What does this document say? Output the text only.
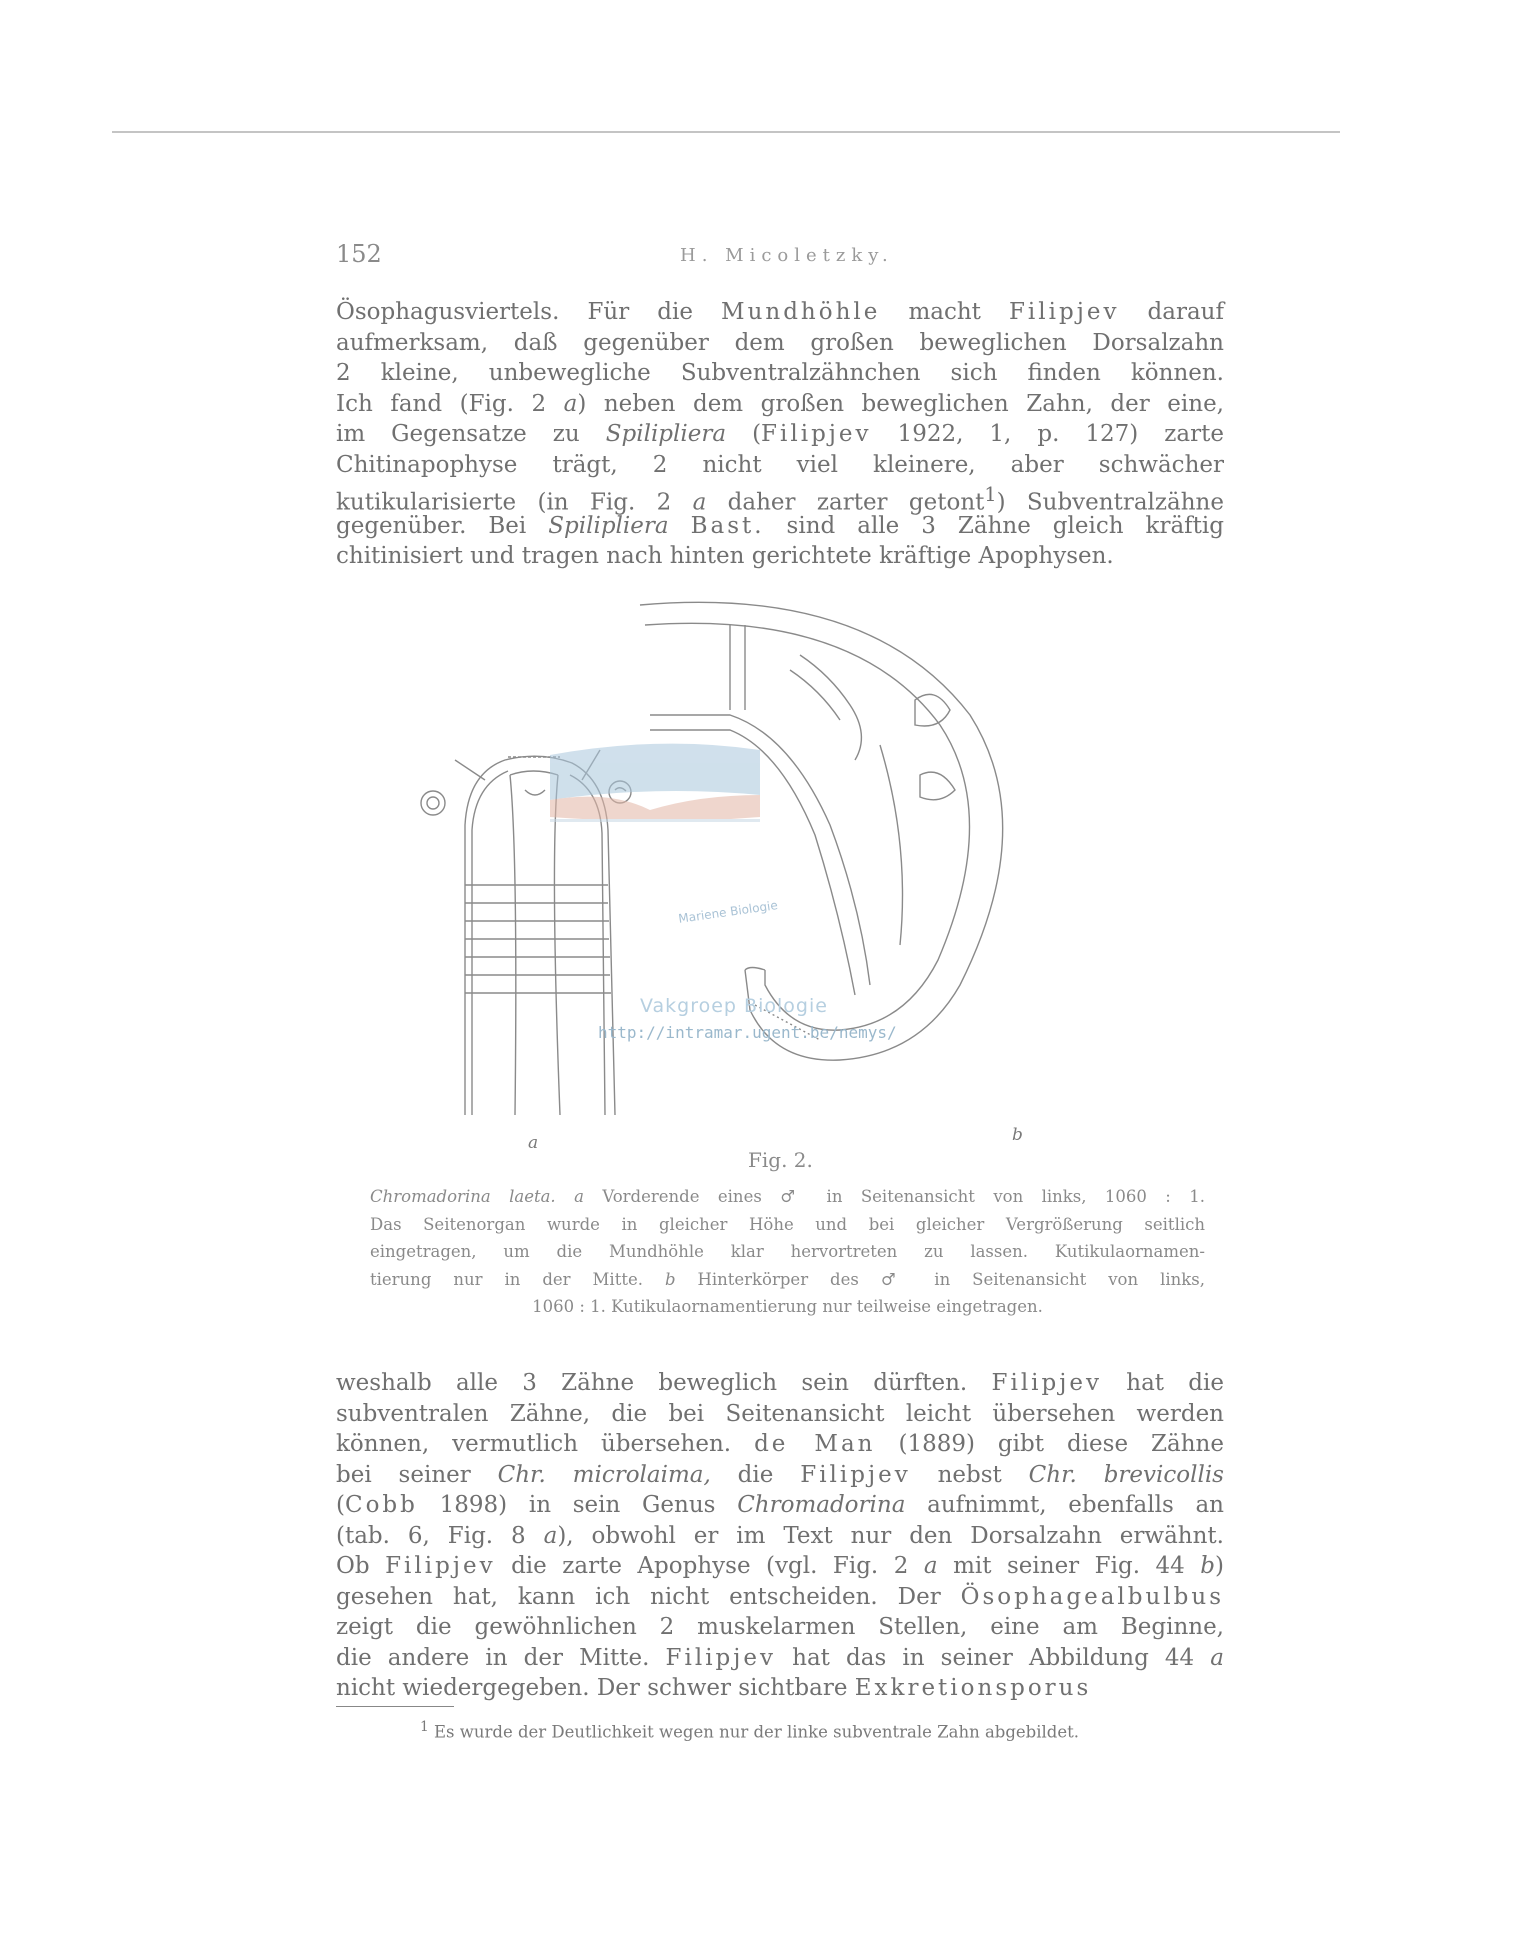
152	H. Micoletzky.
Ösophagusviertels. Für die Mundhöhle macht Filipjev darauf
aufmerksam, daß gegenüber dem großen beweglichen Dorsalzahn
2 kleine, unbewegliche Subventralzähnchen sich finden können.
Ich fand (Fig. 2 a) neben dem großen beweglichen Zahn, der eine,
im Gegensatze zu Spilipliera (Filipjev 1922, 1, p. 127) zarte
Chitinapophyse trägt, 2 nicht viel kleinere, aber schwächer
kutikularisierte (in Fig. 2 a daher zarter getont$^1$) Subventralzähne
gegenüber. Bei Spilipliera Bast. sind alle 3 Zähne gleich kräftig
chitinisiert und tragen nach hinten gerichtete kräftige Apophysen.
a	b
Mariene Biologie
Vakgroep Biologie
http://intramar.ugent.be/nemys/
Fig. 2.
Chromadorina laeta. a Vorderende eines ♂ in Seitenansicht von links, 1060 : 1.
Das Seitenorgan wurde in gleicher Höhe und bei gleicher Vergrößerung seitlich
eingetragen, um die Mundhöhle klar hervortreten zu lassen. Kutikulaornamen-
tierung nur in der Mitte. b Hinterkörper des ♂ in Seitenansicht von links,
1060 : 1. Kutikulaornamentierung nur teilweise eingetragen.
weshalb alle 3 Zähne beweglich sein dürften. Filipjev hat die
subventralen Zähne, die bei Seitenansicht leicht übersehen werden
können, vermutlich übersehen. de Man (1889) gibt diese Zähne
bei seiner Chr. microlaima, die Filipjev nebst Chr. brevicollis
(Cobb 1898) in sein Genus Chromadorina aufnimmt, ebenfalls an
(tab. 6, Fig. 8 a), obwohl er im Text nur den Dorsalzahn erwähnt.
Ob Filipjev die zarte Apophyse (vgl. Fig. 2 a mit seiner Fig. 44 b)
gesehen hat, kann ich nicht entscheiden. Der Ösophagealbulbus
zeigt die gewöhnlichen 2 muskelarmen Stellen, eine am Beginne,
die andere in der Mitte. Filipjev hat das in seiner Abbildung 44 a
nicht wiedergegeben. Der schwer sichtbare Exkretionsporus
$^1$ Es wurde der Deutlichkeit wegen nur der linke subventrale Zahn abgebildet.
